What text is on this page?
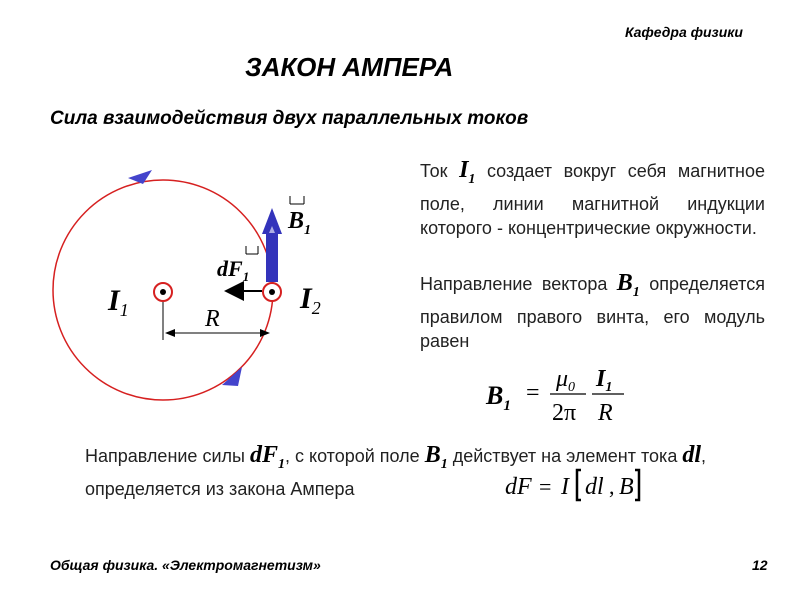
Кафедра физики
ЗАКОН АМПЕРА
Сила взаимодействия двух параллельных токов
$I_1$	$I_2$
$B_1$
$dF_1$
R
Ток $I_1$ создает вокруг себя магнитное поле, линии магнитной индукции которого - концентрические окружности.
Направление вектора $B_1$ определяется правилом правого винта, его модуль равен
$B_1$ =
$\mu_0$
2π
$I_1$
R
Направление силы $dF_1$, с которой поле $B_1$ действует на элемент тока dl, определяется из закона Ампера	dF = I dl , B
Общая физика. «Электромагнетизм»	12
